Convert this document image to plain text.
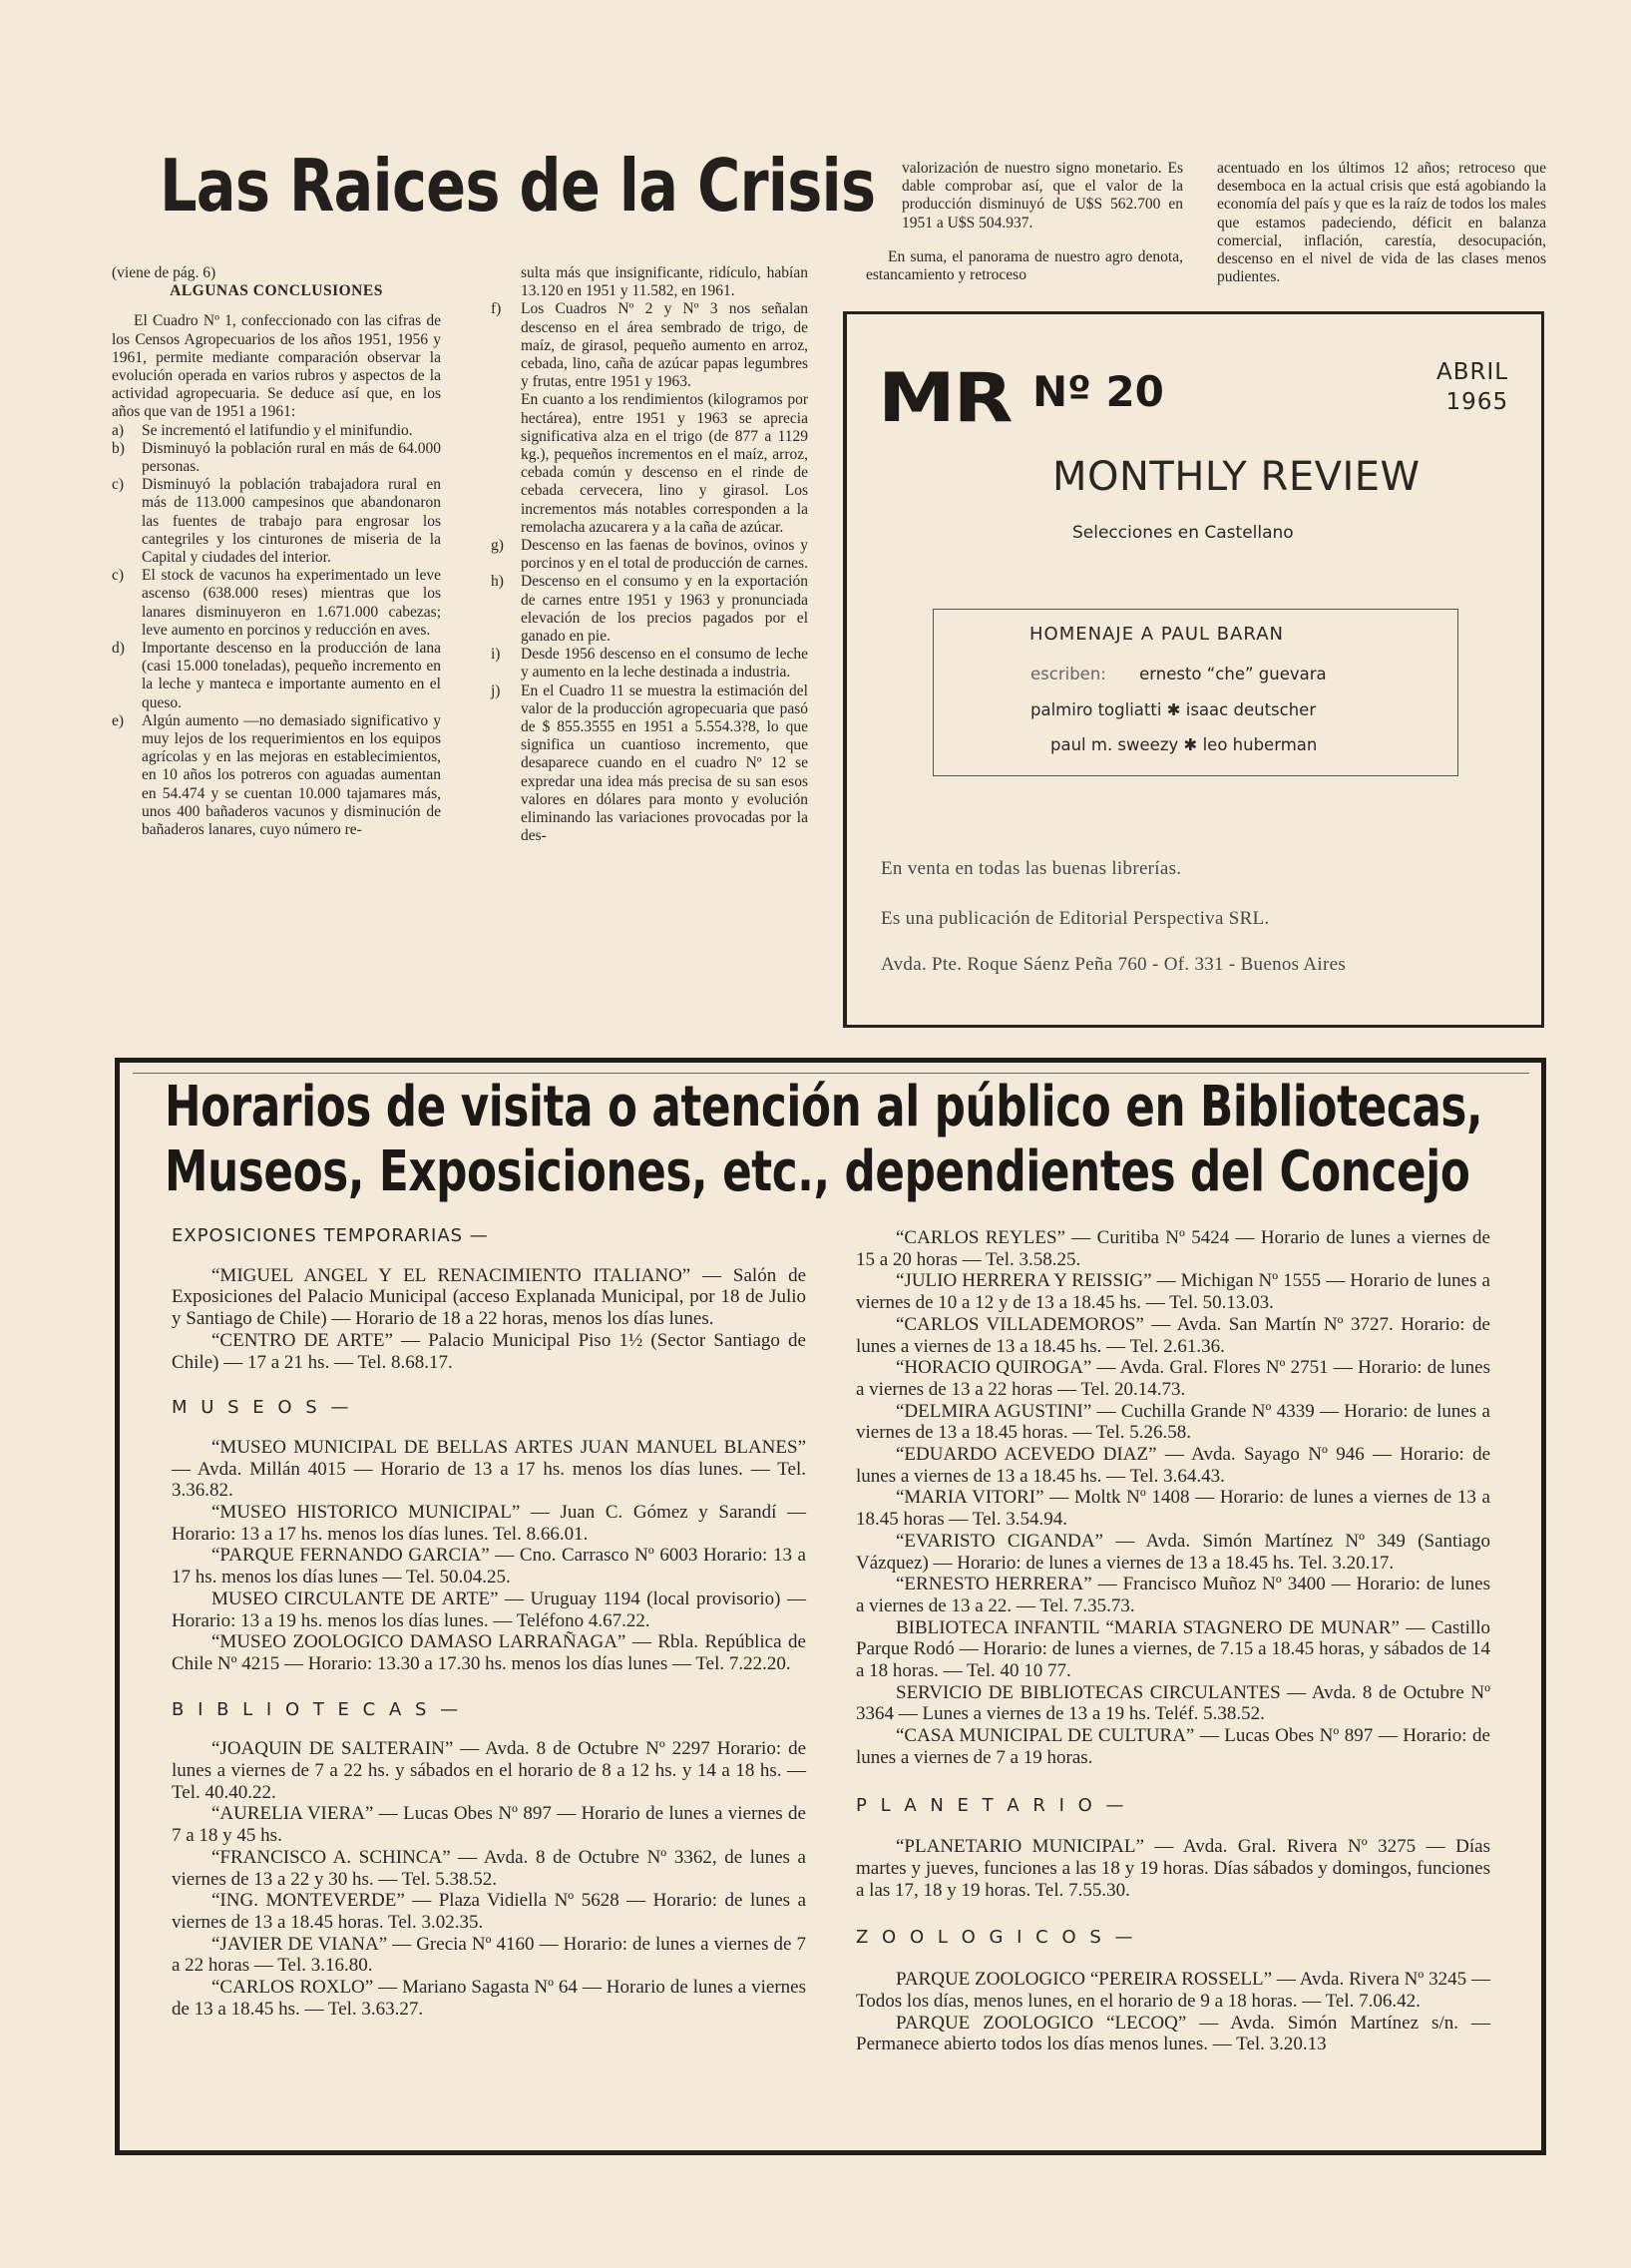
Las Raices de la Crisis

(viene de pág. 6)

ALGUNAS CONCLUSIONES

El Cuadro Nº 1, confeccionado con las cifras de los Censos Agropecuarios de los años 1951, 1956 y 1961, permite mediante comparación observar la evolución operada en varios rubros y aspectos de la actividad agropecuaria. Se deduce así que, en los años que van de 1951 a 1961:

a)	Se incrementó el latifundio y el minifundio.
b)	Disminuyó la población rural en más de 64.000 personas.
c)	Disminuyó la población trabajadora rural en más de 113.000 campesinos que abandonaron las fuentes de trabajo para engrosar los cantegriles y los cinturones de miseria de la Capital y ciudades del interior.
c)	El stock de vacunos ha experimentado un leve ascenso (638.000 reses) mientras que los lanares disminuyeron en 1.671.000 cabezas; leve aumento en porcinos y reducción en aves.
d)	Importante descenso en la producción de lana (casi 15.000 toneladas), pequeño incremento en la leche y manteca e importante aumento en el queso.
e)	Algún aumento —no demasiado significativo y muy lejos de los requerimientos en los equipos agrícolas y en las mejoras en establecimientos, en 10 años los potreros con aguadas aumentan en 54.474 y se cuentan 10.000 tajamares más, unos 400 bañaderos vacunos y disminución de bañaderos lanares, cuyo número re-

sulta más que insignificante, ridículo, habían 13.120 en 1951 y 11.582, en 1961.

f)	Los Cuadros Nº 2 y Nº 3 nos señalan descenso en el área sembrado de trigo, de maíz, de girasol, pequeño aumento en arroz, cebada, lino, caña de azúcar papas legumbres y frutas, entre 1951 y 1963.
En cuanto a los rendimientos (kilogramos por hectárea), entre 1951 y 1963 se aprecia significativa alza en el trigo (de 877 a 1129 kg.), pequeños incrementos en el maíz, arroz, cebada común y descenso en el rinde de cebada cervecera, lino y girasol. Los incrementos más notables corresponden a la remolacha azucarera y a la caña de azúcar.
g)	Descenso en las faenas de bovinos, ovinos y porcinos y en el total de producción de carnes.
h)	Descenso en el consumo y en la exportación de carnes entre 1951 y 1963 y pronunciada elevación de los precios pagados por el ganado en pie.
i)	Desde 1956 descenso en el consumo de leche y aumento en la leche destinada a industria.
j)	En el Cuadro 11 se muestra la estimación del valor de la producción agropecuaria que pasó de $ 855.3555 en 1951 a 5.554.3?8, lo que significa un cuantioso incremento, que desaparece cuando en el cuadro Nº 12 se expredar una idea más precisa de su san esos valores en dólares para monto y evolución eliminando las variaciones provocadas por la des-

valorización de nuestro signo monetario. Es dable comprobar así, que el valor de la producción disminuyó de U$S 562.700 en 1951 a U$S 504.937.

En suma, el panorama de nuestro agro denota, estancamiento y retroceso

acentuado en los últimos 12 años; retroceso que desemboca en la actual crisis que está agobiando la economía del país y que es la raíz de todos los males que estamos padeciendo, déficit en balanza comercial, inflación, carestía, desocupación, descenso en el nivel de vida de las clases menos pudientes.

MR Nº 20	ABRIL
1965
MONTHLY REVIEW
Selecciones en Castellano
HOMENAJE A PAUL BARAN
escriben: ernesto “che” guevara
palmiro togliatti ✱ isaac deutscher
paul m. sweezy ✱ leo huberman
En venta en todas las buenas librerías.
Es una publicación de Editorial Perspectiva SRL.
Avda. Pte. Roque Sáenz Peña 760 - Of. 331 - Buenos Aires
Horarios de visita o atención al público en Bibliotecas,
Museos, Exposiciones, etc., dependientes del Concejo
EXPOSICIONES TEMPORARIAS —

“MIGUEL ANGEL Y EL RENACIMIENTO ITALIANO” — Salón de Exposiciones del Palacio Municipal (acceso Explanada Municipal, por 18 de Julio y Santiago de Chile) — Horario de 18 a 22 horas, menos los días lunes.

“CENTRO DE ARTE” — Palacio Municipal Piso 1½ (Sector Santiago de Chile) — 17 a 21 hs. — Tel. 8.68.17.

M U S E O S —

“MUSEO MUNICIPAL DE BELLAS ARTES JUAN MANUEL BLANES” — Avda. Millán 4015 — Horario de 13 a 17 hs. menos los días lunes. — Tel. 3.36.82.

“MUSEO HISTORICO MUNICIPAL” — Juan C. Gómez y Sarandí — Horario: 13 a 17 hs. menos los días lunes. Tel. 8.66.01.

“PARQUE FERNANDO GARCIA” — Cno. Carrasco Nº 6003 Horario: 13 a 17 hs. menos los días lunes — Tel. 50.04.25.

MUSEO CIRCULANTE DE ARTE” — Uruguay 1194 (local provisorio) — Horario: 13 a 19 hs. menos los días lunes. — Teléfono 4.67.22.

“MUSEO ZOOLOGICO DAMASO LARRAÑAGA” — Rbla. República de Chile Nº 4215 — Horario: 13.30 a 17.30 hs. menos los días lunes — Tel. 7.22.20.

B I B L I O T E C A S —

“JOAQUIN DE SALTERAIN” — Avda. 8 de Octubre Nº 2297 Horario: de lunes a viernes de 7 a 22 hs. y sábados en el horario de 8 a 12 hs. y 14 a 18 hs. — Tel. 40.40.22.

“AURELIA VIERA” — Lucas Obes Nº 897 — Horario de lunes a viernes de 7 a 18 y 45 hs.

“FRANCISCO A. SCHINCA” — Avda. 8 de Octubre Nº 3362, de lunes a viernes de 13 a 22 y 30 hs. — Tel. 5.38.52.

“ING. MONTEVERDE” — Plaza Vidiella Nº 5628 — Horario: de lunes a viernes de 13 a 18.45 horas. Tel. 3.02.35.

“JAVIER DE VIANA” — Grecia Nº 4160 — Horario: de lunes a viernes de 7 a 22 horas — Tel. 3.16.80.

“CARLOS ROXLO” — Mariano Sagasta Nº 64 — Horario de lunes a viernes de 13 a 18.45 hs. — Tel. 3.63.27.

“CARLOS REYLES” — Curitiba Nº 5424 — Horario de lunes a viernes de 15 a 20 horas — Tel. 3.58.25.

“JULIO HERRERA Y REISSIG” — Michigan Nº 1555 — Horario de lunes a viernes de 10 a 12 y de 13 a 18.45 hs. — Tel. 50.13.03.

“CARLOS VILLADEMOROS” — Avda. San Martín Nº 3727. Horario: de lunes a viernes de 13 a 18.45 hs. — Tel. 2.61.36.

“HORACIO QUIROGA” — Avda. Gral. Flores Nº 2751 — Horario: de lunes a viernes de 13 a 22 horas — Tel. 20.14.73.

“DELMIRA AGUSTINI” — Cuchilla Grande Nº 4339 — Horario: de lunes a viernes de 13 a 18.45 horas. — Tel. 5.26.58.

“EDUARDO ACEVEDO DIAZ” — Avda. Sayago Nº 946 — Horario: de lunes a viernes de 13 a 18.45 hs. — Tel. 3.64.43.

“MARIA VITORI” — Moltk Nº 1408 — Horario: de lunes a viernes de 13 a 18.45 horas — Tel. 3.54.94.

“EVARISTO CIGANDA” — Avda. Simón Martínez Nº 349 (Santiago Vázquez) — Horario: de lunes a viernes de 13 a 18.45 hs. Tel. 3.20.17.

“ERNESTO HERRERA” — Francisco Muñoz Nº 3400 — Horario: de lunes a viernes de 13 a 22. — Tel. 7.35.73.

BIBLIOTECA INFANTIL “MARIA STAGNERO DE MUNAR” — Castillo Parque Rodó — Horario: de lunes a viernes, de 7.15 a 18.45 horas, y sábados de 14 a 18 horas. — Tel. 40 10 77.

SERVICIO DE BIBLIOTECAS CIRCULANTES — Avda. 8 de Octubre Nº 3364 — Lunes a viernes de 13 a 19 hs. Teléf. 5.38.52.

“CASA MUNICIPAL DE CULTURA” — Lucas Obes Nº 897 — Horario: de lunes a viernes de 7 a 19 horas.

P L A N E T A R I O —

“PLANETARIO MUNICIPAL” — Avda. Gral. Rivera Nº 3275 — Días martes y jueves, funciones a las 18 y 19 horas. Días sábados y domingos, funciones a las 17, 18 y 19 horas. Tel. 7.55.30.

Z O O L O G I C O S —

PARQUE ZOOLOGICO “PEREIRA ROSSELL” — Avda. Rivera Nº 3245 — Todos los días, menos lunes, en el horario de 9 a 18 horas. — Tel. 7.06.42.

PARQUE ZOOLOGICO “LECOQ” — Avda. Simón Martínez s/n. — Permanece abierto todos los días menos lunes. — Tel. 3.20.13
